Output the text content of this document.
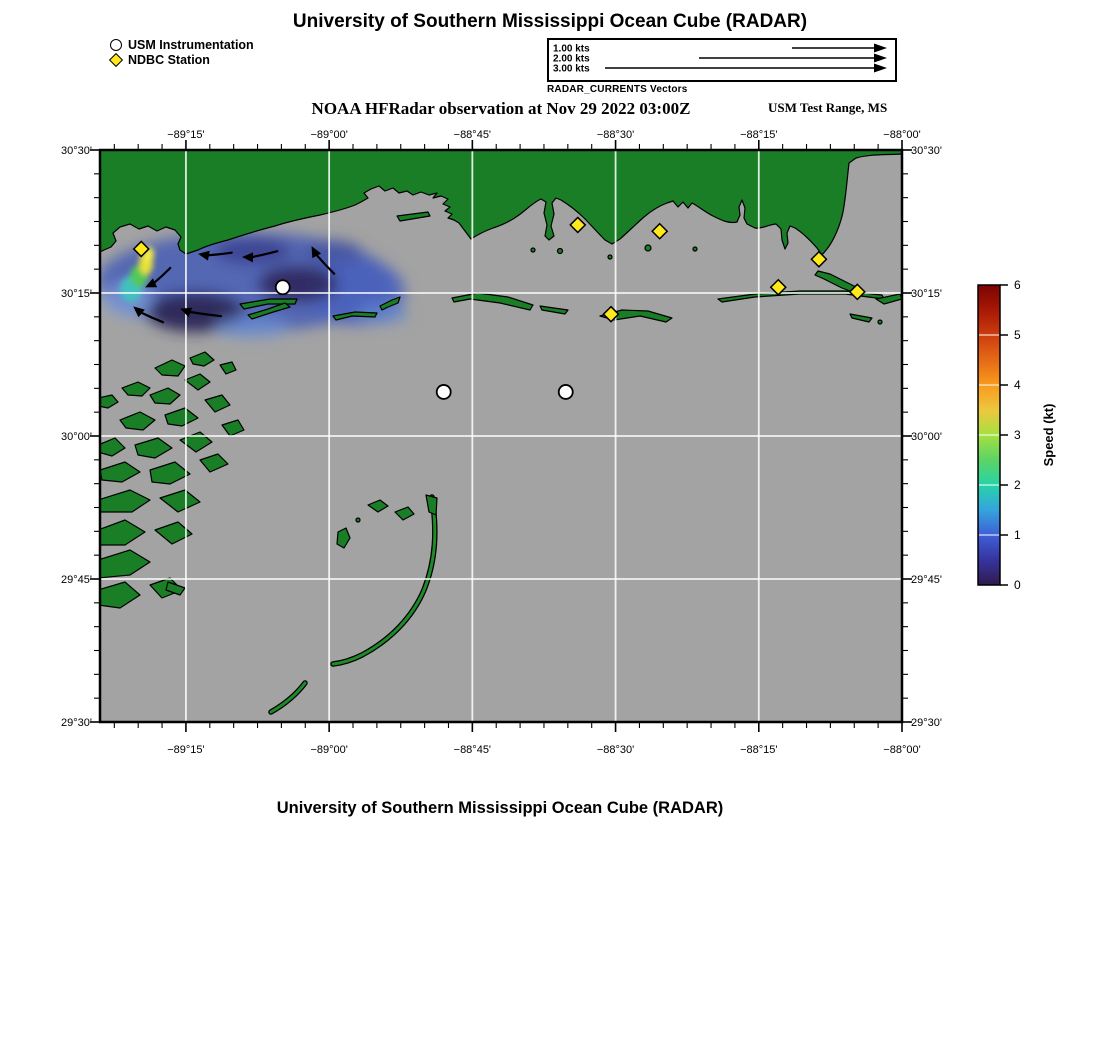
University of Southern Mississippi Ocean Cube (RADAR)
USM Instrumentation
NDBC Station
1.00 kts
2.00 kts
3.00 kts
RADAR_CURRENTS Vectors
NOAA HFRadar observation at Nov 29 2022 03:00Z	USM Test Range, MS
−89°15'
−89°15'
−89°00'
−89°00'
−88°45'
−88°45'
−88°30'
−88°30'
−88°15'
−88°15'
−88°00'
−88°00'
30°30'	30°30'
30°15'	30°15'
30°00'	30°00'
29°45'	29°45'
29°30'	29°30'
0
1
2
3
4
5
6
Speed (kt)
University of Southern Mississippi Ocean Cube (RADAR)
